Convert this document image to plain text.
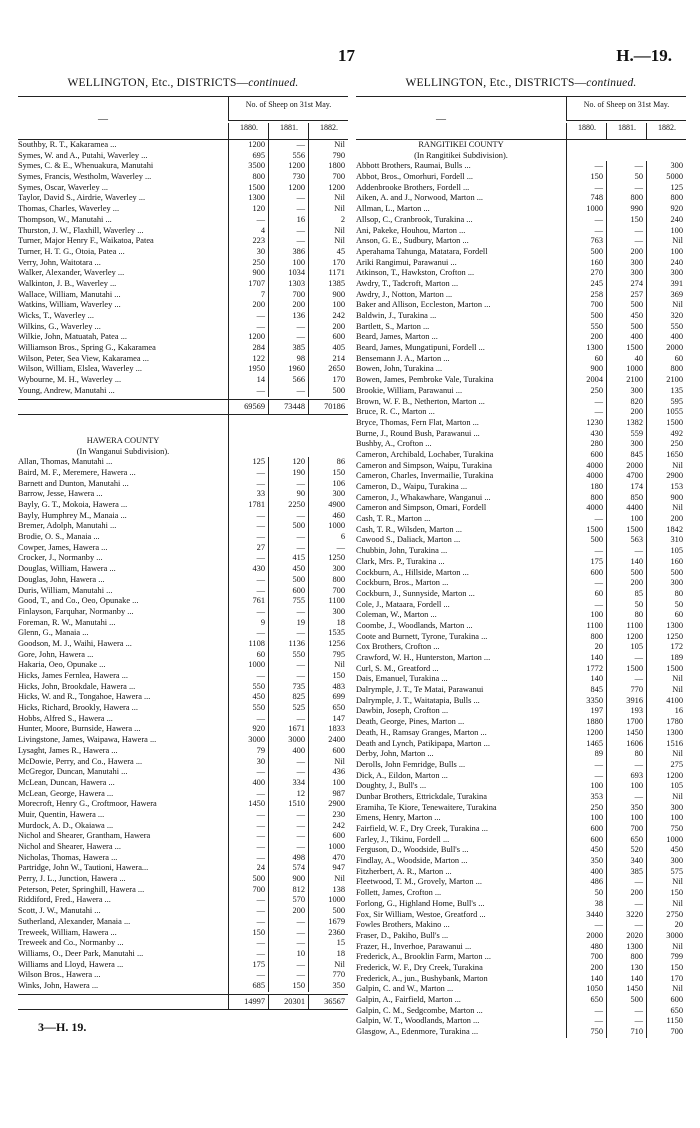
17	H.—19.
WELLINGTON, Etc., DISTRICTS—continued.
—
No. of Sheep on 31st May.
1880.	1881.	1882.
Southby, R. T., Kakaramea ...	1200	—	Nil
Symes, W. and A., Putahi, Waverley ...	695	556	790
Symes, C. & E., Whenuakura, Manutahi	3500	1200	1800
Symes, Francis, Westholm, Waverley ...	800	730	700
Symes, Oscar, Waverley ...	1500	1200	1200
Taylor, David S., Airdrie, Waverley ...	1300	—	Nil
Thomas, Charles, Waverley ...	120	—	Nil
Thompson, W., Manutahi ...	—	16	2
Thurston, J. W., Flaxhill, Waverley ...	4	—	Nil
Turner, Major Henry F., Waikatoa, Patea	223	—	Nil
Turner, H. T. G., Otoia, Patea ...	30	386	45
Verry, John, Waitotara ...	250	100	170
Walker, Alexander, Waverley ...	900	1034	1171
Walkinton, J. B., Waverley ...	1707	1303	1385
Wallace, William, Manutahi ...	7	700	900
Watkins, William, Waverley ...	200	200	100
Wicks, T., Waverley ...	—	136	242
Wilkins, G., Waverley ...	—	—	200
Wilkie, John, Matuatah, Patea ...	1200	—	600
Williamson Bros., Spring G., Kakaramea	284	385	405
Wilson, Peter, Sea View, Kakaramea ...	122	98	214
Wilson, William, Elslea, Waverley ...	1950	1960	2650
Wybourne, M. H., Waverley ...	14	566	170
Young, Andrew, Manutahi ...	—	—	500
69569	73448	70186
HAWERA COUNTY
(In Wanganui Subdivision).
Allan, Thomas, Manutahi ...	125	120	86
Baird, M. F., Meremere, Hawera ...	—	190	150
Barnett and Dunton, Manutahi ...	—	—	106
Barrow, Jesse, Hawera ...	33	90	300
Bayly, G. T., Mokoia, Hawera ...	1781	2250	4900
Bayly, Humphrey M., Manaia ...	—	—	460
Bremer, Adolph, Manutahi ...	—	500	1000
Brodie, O. S., Manaia ...	—	—	6
Cowper, James, Hawera ...	27	—	—
Crocker, J., Normanby ...	—	415	1250
Douglas, William, Hawera ...	430	450	300
Douglas, John, Hawera ...	—	500	800
Duris, William, Manutahi ...	—	600	700
Good, T., and Co., Oeo, Opunake ...	761	755	1100
Finlayson, Farquhar, Normanby ...	—	—	300
Foreman, R. W., Manutahi ...	9	19	18
Glenn, G., Manaia ...	—	—	1535
Goodson, M. J., Waihi, Hawera ...	1108	1136	1256
Gore, John, Hawera ...	60	550	795
Hakaria, Oeo, Opunake ...	1000	—	Nil
Hicks, James Fernlea, Hawera ...	—	—	150
Hicks, John, Brookdale, Hawera ...	550	735	483
Hicks, W. and R., Tongahoe, Hawera ...	450	825	699
Hicks, Richard, Brookly, Hawera ...	550	525	650
Hobbs, Alfred S., Hawera ...	—	—	147
Hunter, Moore, Burnside, Hawera ...	920	1671	1833
Livingstone, James, Waipawa, Hawera ...	3000	3000	2400
Lysaght, James R., Hawera ...	79	400	600
McDowie, Perry, and Co., Hawera ...	30	—	Nil
McGregor, Duncan, Manutahi ...	—	—	436
McLean, Duncan, Hawera ...	400	334	100
McLean, George, Hawera ...	—	12	987
Morecroft, Henry G., Croftmoor, Hawera	1450	1510	2900
Muir, Quentin, Hawera ...	—	—	230
Murdock, A. D., Okaiawa ...	—	—	242
Nichol and Shearer, Grantham, Hawera	—	—	600
Nichol and Shearer, Hawera ...	—	—	1000
Nicholas, Thomas, Hawera ...	—	498	470
Partridge, John W., Tautioni, Hawera...	24	574	947
Perry, J. L., Junction, Hawera ...	500	900	Nil
Peterson, Peter, Springhill, Hawera ...	700	812	138
Riddiford, Fred., Hawera ...	—	570	1000
Scott, J. W., Manutahi ...	—	200	500
Sutherland, Alexander, Manaia ...	—	—	1679
Treweek, William, Hawera ...	150	—	2360
Treweek and Co., Normanby ...	—	—	15
Williams, O., Deer Park, Manutahi ...	—	10	18
Williams and Lloyd, Hawera ...	175	—	Nil
Wilson Bros., Hawera ...	—	—	770
Winks, John, Hawera ...	685	150	350
14997	20301	36567
WELLINGTON, Etc., DISTRICTS—continued.
—
No. of Sheep on 31st May.
1880.	1881.	1882.
RANGITIKEI COUNTY
(In Rangitikei Subdivision).
Abbott Brothers, Raumai, Bulls ...	—	—	300
Abbot, Bros., Omorhuri, Fordell ...	150	50	5000
Addenbrooke Brothers, Fordell ...	—	—	125
Aiken, A. and J., Norwood, Marton ...	748	800	800
Allman, L., Marton ...	1000	990	920
Allsop, C., Cranbrook, Turakina ...	—	150	240
Ani, Pakeke, Houhou, Marton ...	—	—	100
Anson, G. E., Sudbury, Marton ...	763	—	Nil
Aperahama Tahunga, Matatara, Fordell	500	200	100
Ariki Rangimui, Parawanui ...	160	300	240
Atkinson, T., Hawkston, Crofton ...	270	300	300
Awdry, T., Tadcroft, Marton ...	245	274	391
Awdry, J., Notton, Marton ...	258	257	369
Baker and Allison, Eccleston, Marton ...	700	500	Nil
Baldwin, J., Turakina ...	500	450	320
Bartlett, S., Marton ...	550	500	550
Beard, James, Marton ...	200	400	400
Beard, James, Mungatipuni, Fordell ...	1300	1500	2000
Bensemann J. A., Marton ...	60	40	60
Bowen, John, Turakina ...	900	1000	800
Bowen, James, Pembroke Vale, Turakina	2004	2100	2100
Brookie, William, Parawanui ...	250	300	135
Brown, W. F. B., Netherton, Marton ...	—	820	595
Bruce, R. C., Marton ...	—	200	1055
Bryce, Thomas, Fern Flat, Marton ...	1230	1382	1500
Burne, J., Round Bush, Parawanui ...	430	559	492
Bushby, A., Crofton ...	280	300	250
Cameron, Archibald, Lochaber, Turakina	600	845	1650
Cameron and Simpson, Waipu, Turakina	4000	2000	Nil
Cameron, Charles, Invermailie, Turakina	4000	4700	2900
Cameron, D., Waipu, Turakina ...	180	174	153
Cameron, J., Whakawhare, Wanganui ...	800	850	900
Cameron and Simpson, Omari, Fordell	4000	4400	Nil
Cash, T. R., Marton ...	—	100	200
Cash, T. R., Wilsden, Marton ...	1500	1500	1842
Cawood S., Daliack, Marton ...	500	563	310
Chubbin, John, Turakina ...	—	—	105
Clark, Mrs. P., Turakina ...	175	140	160
Cockburn, A., Hillside, Marton ...	600	500	500
Cockburn, Bros., Marton ...	—	200	300
Cockburn, J., Sunnyside, Marton ...	60	85	80
Cole, J., Mataara, Fordell ...	—	50	50
Coleman, W., Marton ...	100	80	60
Coombe, J., Woodlands, Marton ...	1100	1100	1300
Coote and Burnett, Tyrone, Turakina ...	800	1200	1250
Cox Brothers, Crofton ...	20	105	172
Crawford, W. H., Hunterston, Marton ...	140	—	189
Curl, S. M., Greatford ...	1772	1500	1500
Dais, Emanuel, Turakina ...	140	—	Nil
Dalrymple, J. T., Te Matai, Parawanui	845	770	Nil
Dalrymple, J. T., Waitatapia, Bulls ...	3350	3916	4100
Dawbin, Joseph, Crofton ...	197	193	16
Death, George, Pines, Marton ...	1880	1700	1780
Death, H., Ramsay Granges, Marton ...	1200	1450	1300
Death and Lynch, Patikipapa, Marton ...	1465	1606	1516
Derby, John, Marton ...	89	80	Nil
Derolls, John Femridge, Bulls ...	—	—	275
Dick, A., Eildon, Marton ...	—	693	1200
Doughty, J., Bull's ...	100	100	105
Dunbar Brothers, Ettrickdale, Turakina	353	—	Nil
Eramiha, Te Kiore, Tenewaitere, Turakina	250	350	300
Emens, Henry, Marton ...	100	100	100
Fairfield, W. F., Dry Creek, Turakina ...	600	700	750
Farley, J., Tikinu, Fordell ...	600	650	1000
Ferguson, D., Woodside, Bull's ...	450	520	450
Findlay, A., Woodside, Marton ...	350	340	300
Fitzherbert, A. R., Marton ...	400	385	575
Fleetwood, T. M., Grovely, Marton ...	486	—	Nil
Follett, James, Crofton ...	50	200	150
Forlong, G., Highland Home, Bull's ...	38	—	Nil
Fox, Sir William, Westoe, Greatford ...	3440	3220	2750
Fowles Brothers, Makino ...	—	—	20
Fraser, D., Pakiho, Bull's ...	2000	2020	3000
Frazer, H., Inverhoe, Parawanui ...	480	1300	Nil
Frederick, A., Brooklin Farm, Marton ...	700	800	799
Frederick, W. F., Dry Creek, Turakina	200	130	150
Frederick, A., jun., Bushybank, Marton	140	140	170
Galpin, C. and W., Marton ...	1050	1450	Nil
Galpin, A., Fairfield, Marton ...	650	500	600
Galpin, C. M., Sedgcombe, Marton ...	—	—	650
Galpin, W. T., Woodlands, Marton ...	—	—	1150
Glasgow, A., Edenmore, Turakina ...	750	710	700
3—H. 19.
